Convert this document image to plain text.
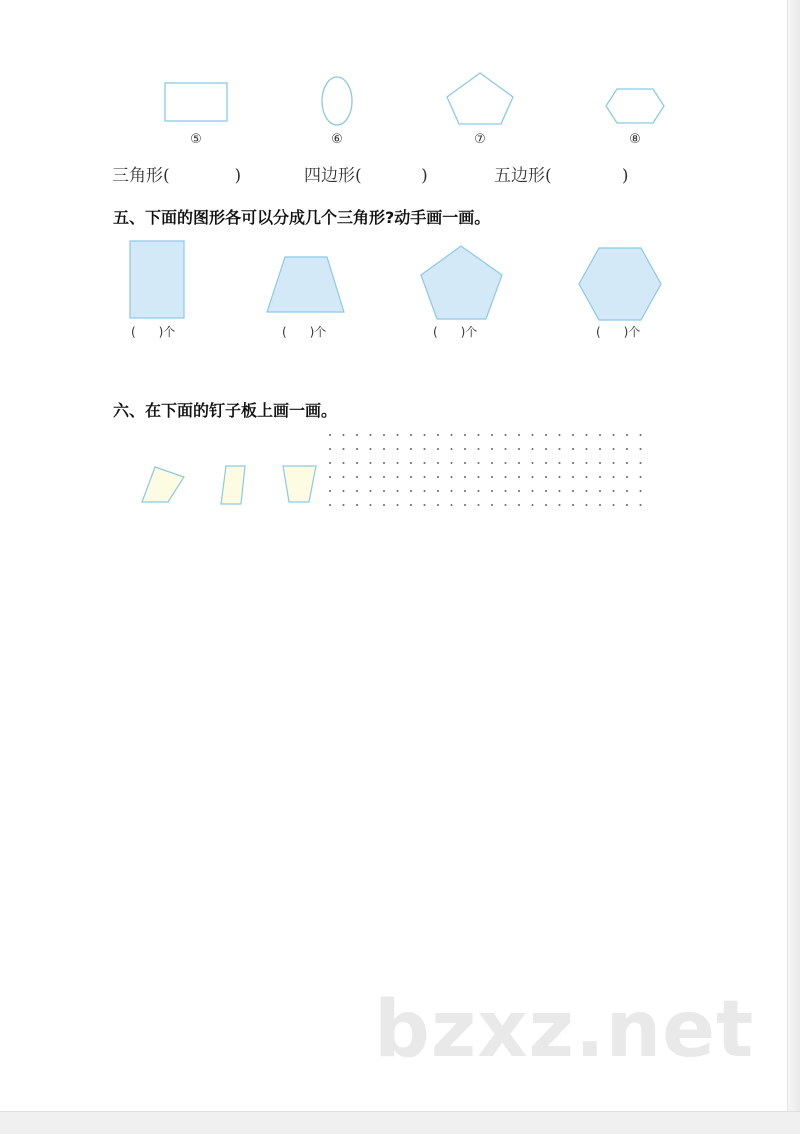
⑤	⑥	⑦	⑧
三角形(            )	四边形(           )	五边形(             )
五、下面的图形各可以分成几个三角形?动手画一画。
(      )个	(      )个	(      )个	(      )个
六、在下面的钉子板上画一画。
bzxz.net
